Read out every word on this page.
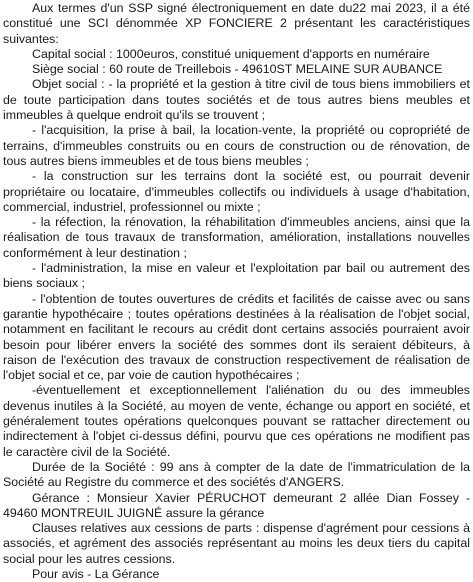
Aux termes d'un SSP signé électroniquement en date du22 mai 2023, il a été constitué une SCI dénommée XP FONCIERE 2 présentant les caractéristiques suivantes:

Capital social : 1000euros, constitué uniquement d'apports en numéraire

Siège social : 60 route de Treillebois - 49610ST MELAINE SUR AUBANCE

Objet social : - la propriété et la gestion à titre civil de tous biens immobiliers et de toute participation dans toutes sociétés et de tous autres biens meubles et immeubles à quelque endroit qu'ils se trouvent ;

- l'acquisition, la prise à bail, la location-vente, la propriété ou copropriété de terrains, d'immeubles construits ou en cours de construction ou de rénovation, de tous autres biens immeubles et de tous biens meubles ;

- la construction sur les terrains dont la société est, ou pourrait devenir propriétaire ou locataire, d'immeubles collectifs ou individuels à usage d'habitation, commercial, industriel, professionnel ou mixte ;

- la réfection, la rénovation, la réhabilitation d'immeubles anciens, ainsi que la réalisation de tous travaux de transformation, amélioration, installations nouvelles conformément à leur destination ;

- l'administration, la mise en valeur et l'exploitation par bail ou autrement des biens sociaux ;

- l'obtention de toutes ouvertures de crédits et facilités de caisse avec ou sans garantie hypothécaire ; toutes opérations destinées à la réalisation de l'objet social, notamment en facilitant le recours au crédit dont certains associés pourraient avoir besoin pour libérer envers la société des sommes dont ils seraient débiteurs, à raison de l'exécution des travaux de construction respectivement de réalisation de l'objet social et ce, par voie de caution hypothécaires ;

-éventuellement et exceptionnellement l'aliénation du ou des immeubles devenus inutiles à la Société, au moyen de vente, échange ou apport en société, et généralement toutes opérations quelconques pouvant se rattacher directement ou indirectement à l'objet ci-dessus défini, pourvu que ces opérations ne modifient pas le caractère civil de la Société.

Durée de la Société : 99 ans à compter de la date de l'immatriculation de la Société au Registre du commerce et des sociétés d'ANGERS.

Gérance : Monsieur Xavier PÉRUCHOT demeurant 2 allée Dian Fossey - 49460 MONTREUIL JUIGNÉ assure la gérance

Clauses relatives aux cessions de parts : dispense d'agrément pour cessions à associés, et agrément des associés représentant au moins les deux tiers du capital social pour les autres cessions.

Pour avis - La Gérance
